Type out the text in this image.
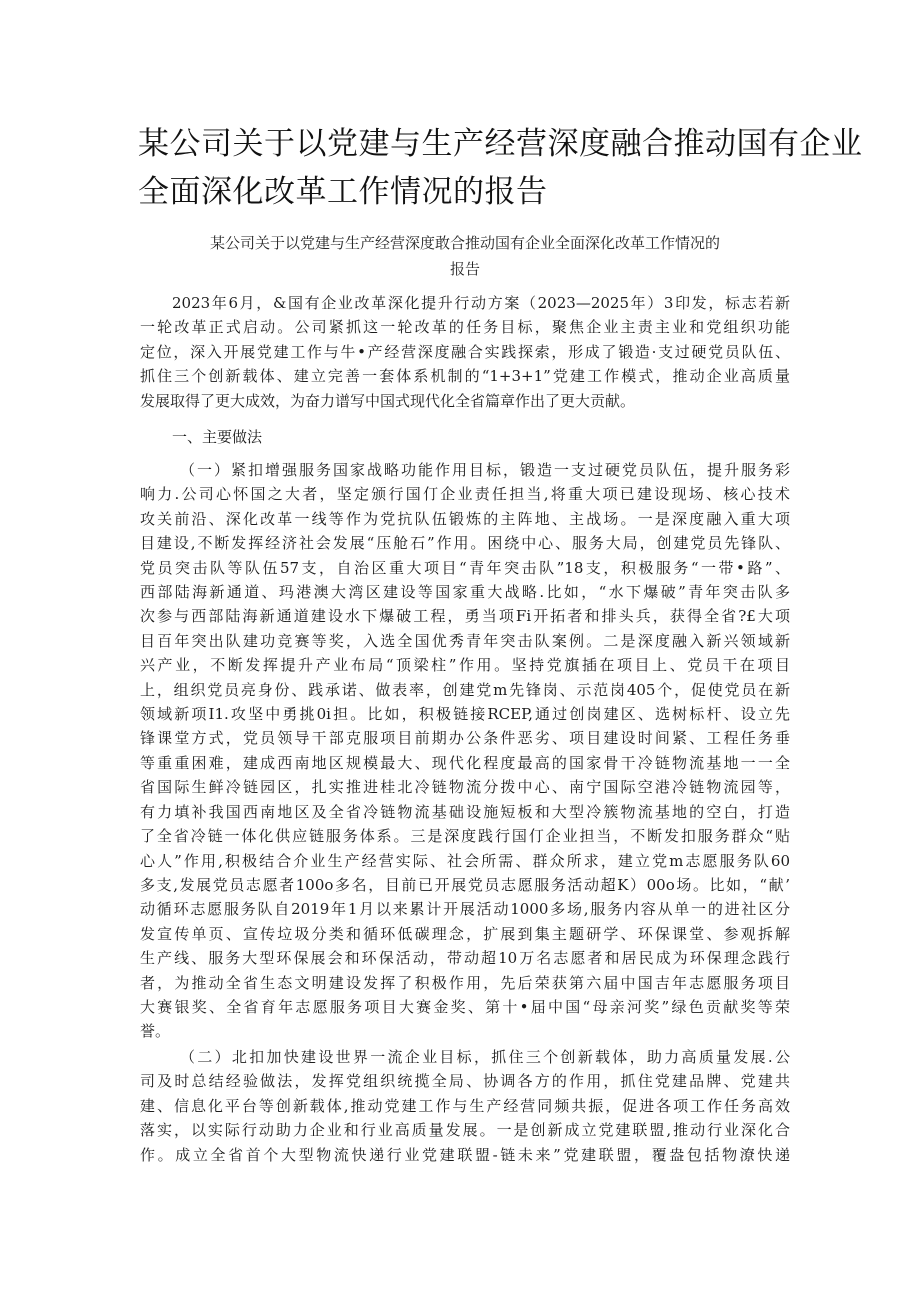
某公司关于以党建与生产经营深度融合推动国有企业
全面深化改革工作情况的报告
某公司关于以党建与生产经营深度敢合推动国有企业全面深化改革工作情况的
报告
2023年6月，&国有企业改革深化提升行动方案（2023—2025年）3印发，标志若新
一轮改革正式启动。公司紧抓这一轮改革的任务目标，聚焦企业主责主业和党组织功能
定位，深入开展党建工作与牛•产经营深度融合实践探索，形成了锻造·支过硬党员队伍、
抓住三个创新载体、建立完善一套体系机制的“1+3+1”党建工作模式，推动企业高质量
发展取得了更大成效，为奋力谱写中国式现代化全省篇章作出了更大贡献。
一、主要做法
（一）紧扣增强服务国家战略功能作用目标，锻造一支过硬党员队伍，提升服务彩
响力.公司心怀国之大者，坚定颁行国仃企业责任担当,将重大项已建设现场、核心技术
攻关前沿、深化改革一线等作为党抗队伍锻炼的主阵地、主战场。一是深度融入重大项
目建设,不断发挥经济社会发展“压舱石”作用。困绕中心、服务大局，创建党员先锋队、
党员突击队等队伍57支，自治区重大项目“青年突击队”18支，积极服务“一带•路”、
西部陆海新通道、玛港澳大湾区建设等国家重大战略.比如，“水下爆破”青年突击队多
次参与西部陆海新通道建设水下爆破工程，勇当项Fi开拓者和排头兵，获得全省?£大项
目百年突出队建功竞赛等奖，入选全国优秀青年突击队案例。二是深度融入新兴领域新
兴产业，不断发挥提升产业布局“顶梁柱”作用。坚持党旗插在项目上、党员干在项目
上，组织党员亮身份、践承诺、做表率，创建党m先锋岗、示范岗405个，促使党员在新
领域新项I1.攻坚中勇挑0i担。比如，积极链接RCEP,通过创岗建区、选树标杆、设立先
锋课堂方式，党员领导干部克服项目前期办公条件恶劣、项目建设时间紧、工程任务垂
等重重困难，建成西南地区规模最大、现代化程度最高的国家骨干冷链物流基地一一全
省国际生鲜冷链园区，扎实推进桂北冷链物流分拨中心、南宁国际空港冷链物流园等，
有力填补我国西南地区及全省冷链物流基础设施短板和大型冷簇物流基地的空白，打造
了全省冷链一体化供应链服务体系。三是深度践行国仃企业担当，不断发扣服务群众“贴
心人”作用,积极结合介业生产经营实际、社会所需、群众所求，建立党m志愿服务队60
多支,发展党员志愿者100o多名，目前已开展党员志愿服务活动超K）00o场。比如，“献’
动循环志愿服务队自2019年1月以来累计开展活动1000多场,服务内容从单一的进社区分
发宣传单页、宣传垃圾分类和循环低碳理念，扩展到集主题研学、环保课堂、参观拆解
生产线、服务大型环保展会和环保活动，带动超10万名志愿者和居民成为环保理念践行
者，为推动全省生态文明建设发挥了积极作用，先后荣获第六届中国吉年志愿服务项目
大赛银奖、全省育年志愿服务项目大赛金奖、第十•届中国“母亲河奖”绿色贡献奖等荣
誉。
（二）北扣加快建设世界一流企业目标，抓住三个创新载体，助力高质量发展.公
司及时总结经验做法，发挥党组织统揽全局、协调各方的作用，抓住党建品牌、党建共
建、信息化平台等创新载体,推动党建工作与生产经营同频共振，促进各项工作任务高效
落实，以实际行动助力企业和行业高质量发展。一是创新成立党建联盟,推动行业深化合
作。成立全省首个大型物流快递行业党建联盟-链未来”党建联盟，覆盎包括物潦快递
